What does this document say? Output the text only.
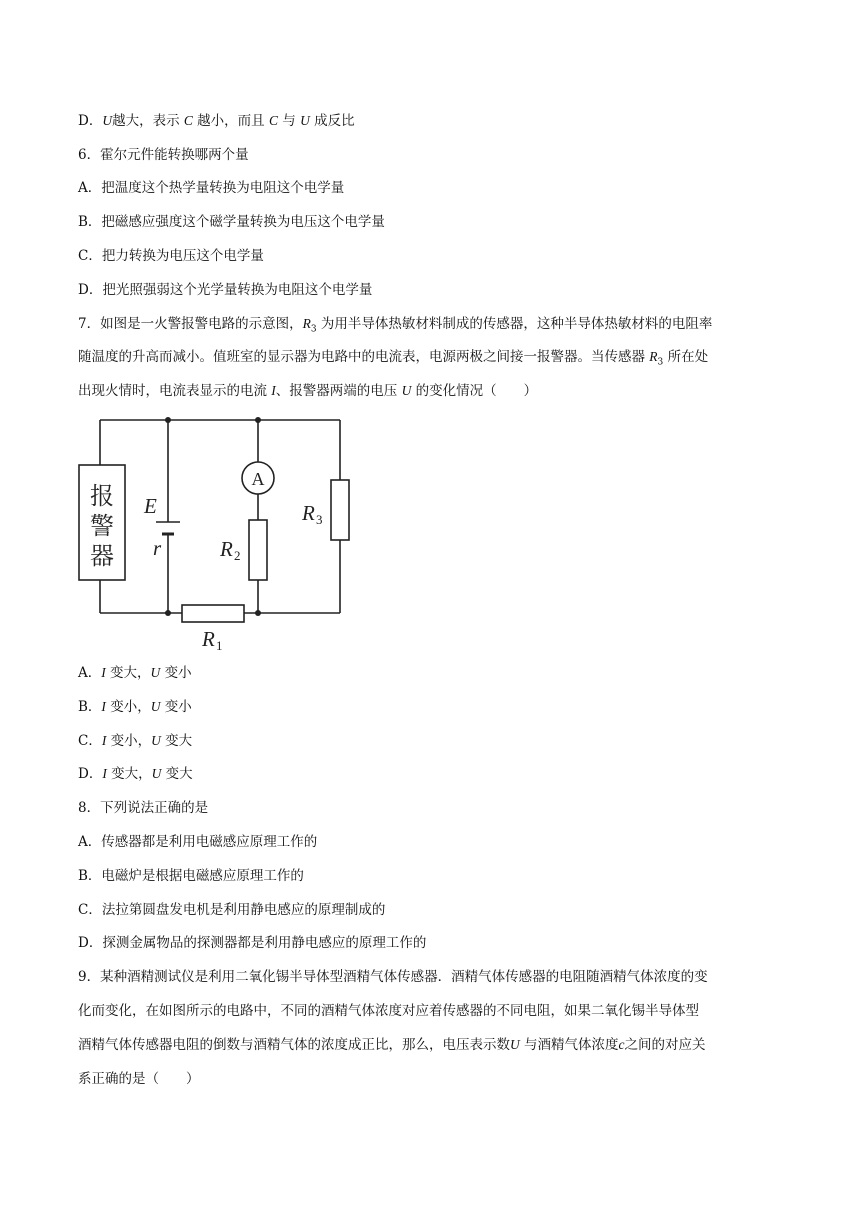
D．U越大，表示 C 越小，而且 C 与 U 成反比
6．霍尔元件能转换哪两个量
A．把温度这个热学量转换为电阻这个电学量
B．把磁感应强度这个磁学量转换为电压这个电学量
C．把力转换为电压这个电学量
D．把光照强弱这个光学量转换为电阻这个电学量
7．如图是一火警报警电路的示意图，$R_3$ 为用半导体热敏材料制成的传感器，这种半导体热敏材料的电阻率
随温度的升高而减小。值班室的显示器为电路中的电流表，电源两极之间接一报警器。当传感器 $R_3$ 所在处
出现火情时，电流表显示的电流 I、报警器两端的电压 U 的变化情况（　　）
报
警
器
E
r
A
R 2
R 3
R 1
A．I 变大，U 变小
B．I 变小，U 变小
C．I 变小，U 变大
D．I 变大，U 变大
8．下列说法正确的是
A．传感器都是利用电磁感应原理工作的
B．电磁炉是根据电磁感应原理工作的
C．法拉第圆盘发电机是利用静电感应的原理制成的
D．探测金属物品的探测器都是利用静电感应的原理工作的
9．某种酒精测试仪是利用二氧化锡半导体型酒精气体传感器．酒精气体传感器的电阻随酒精气体浓度的变
化而变化，在如图所示的电路中，不同的酒精气体浓度对应着传感器的不同电阻，如果二氧化锡半导体型
酒精气体传感器电阻的倒数与酒精气体的浓度成正比，那么，电压表示数U 与酒精气体浓度c之间的对应关
系正确的是（　　）
